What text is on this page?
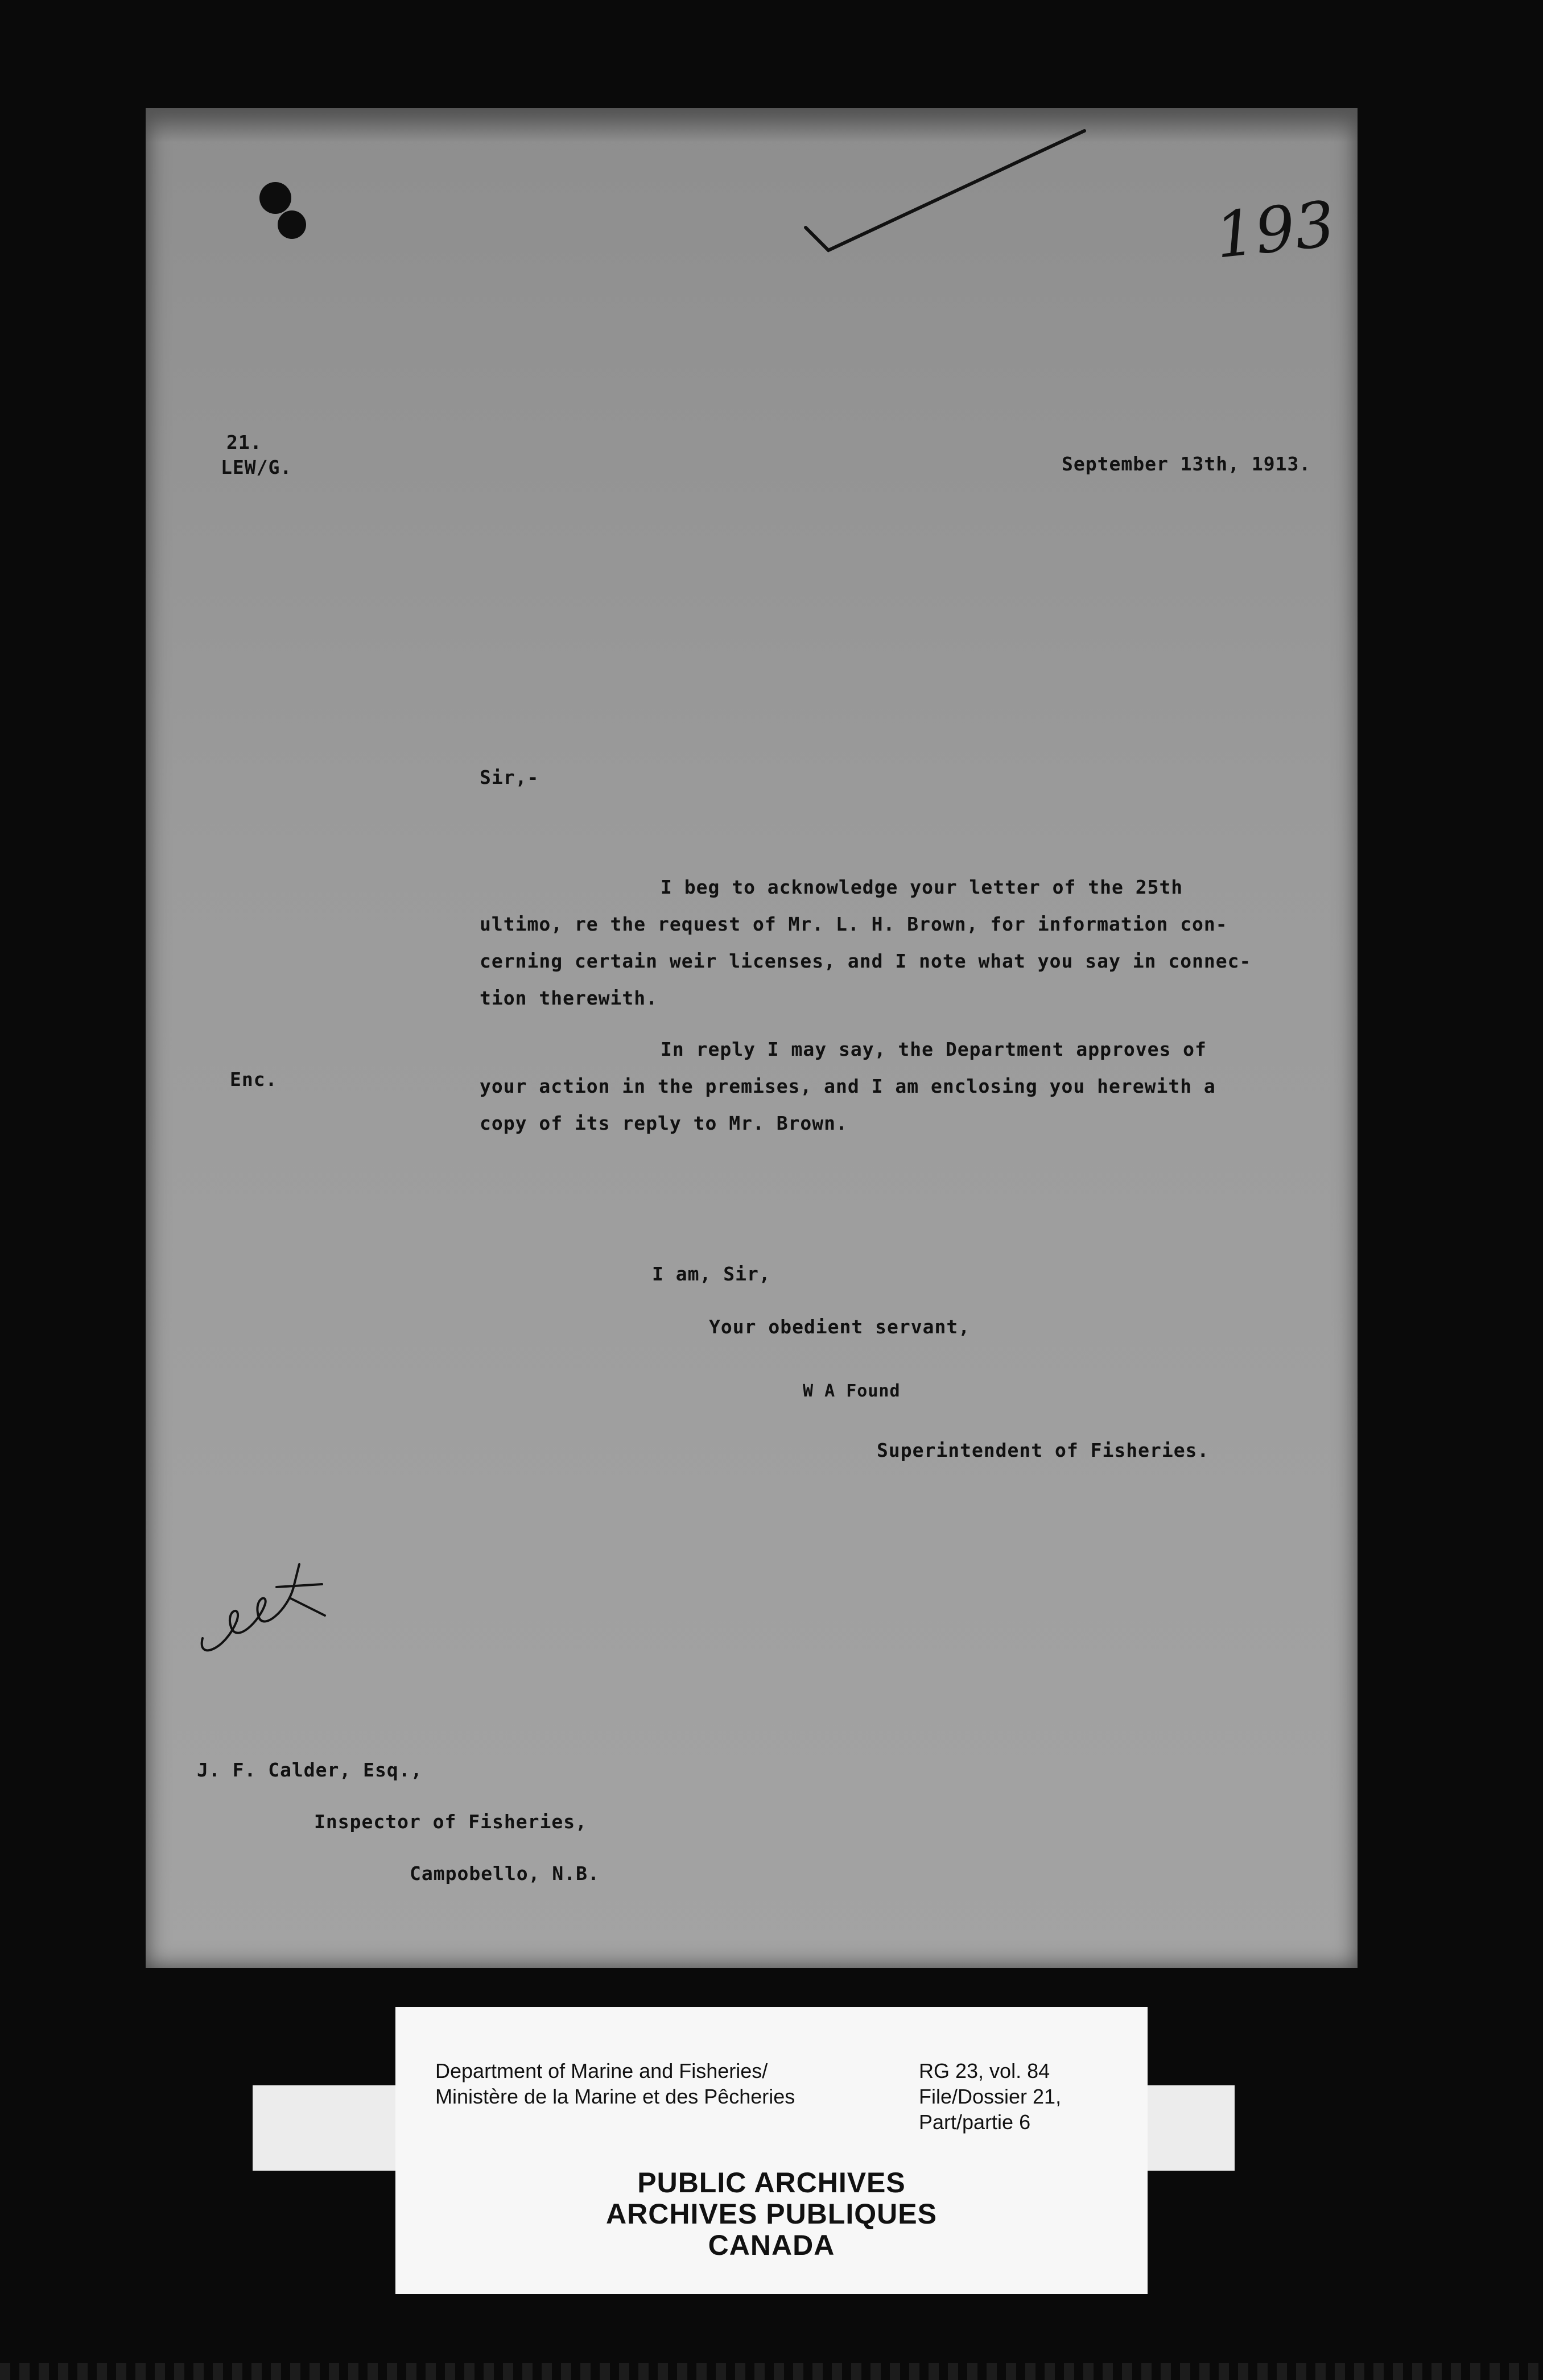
193
21.
LEW/G.	September 13th, 1913.
Sir,-
I beg to acknowledge your letter of the 25th
ultimo, re the request of Mr. L. H. Brown, for information con-
cerning certain weir licenses, and I note what you say in connec-
tion therewith.
In reply I may say, the Department approves of
your action in the premises, and I am enclosing you herewith a
copy of its reply to Mr. Brown.
Enc.
I am, Sir,
Your obedient servant,
W A Found
Superintendent of Fisheries.
J. F. Calder, Esq.,
Inspector of Fisheries,
Campobello, N.B.
Department of Marine and Fisheries/
Ministère de la Marine et des Pêcheries
RG 23, vol. 84
File/Dossier 21,
Part/partie 6
PUBLIC ARCHIVES
ARCHIVES PUBLIQUES
CANADA
